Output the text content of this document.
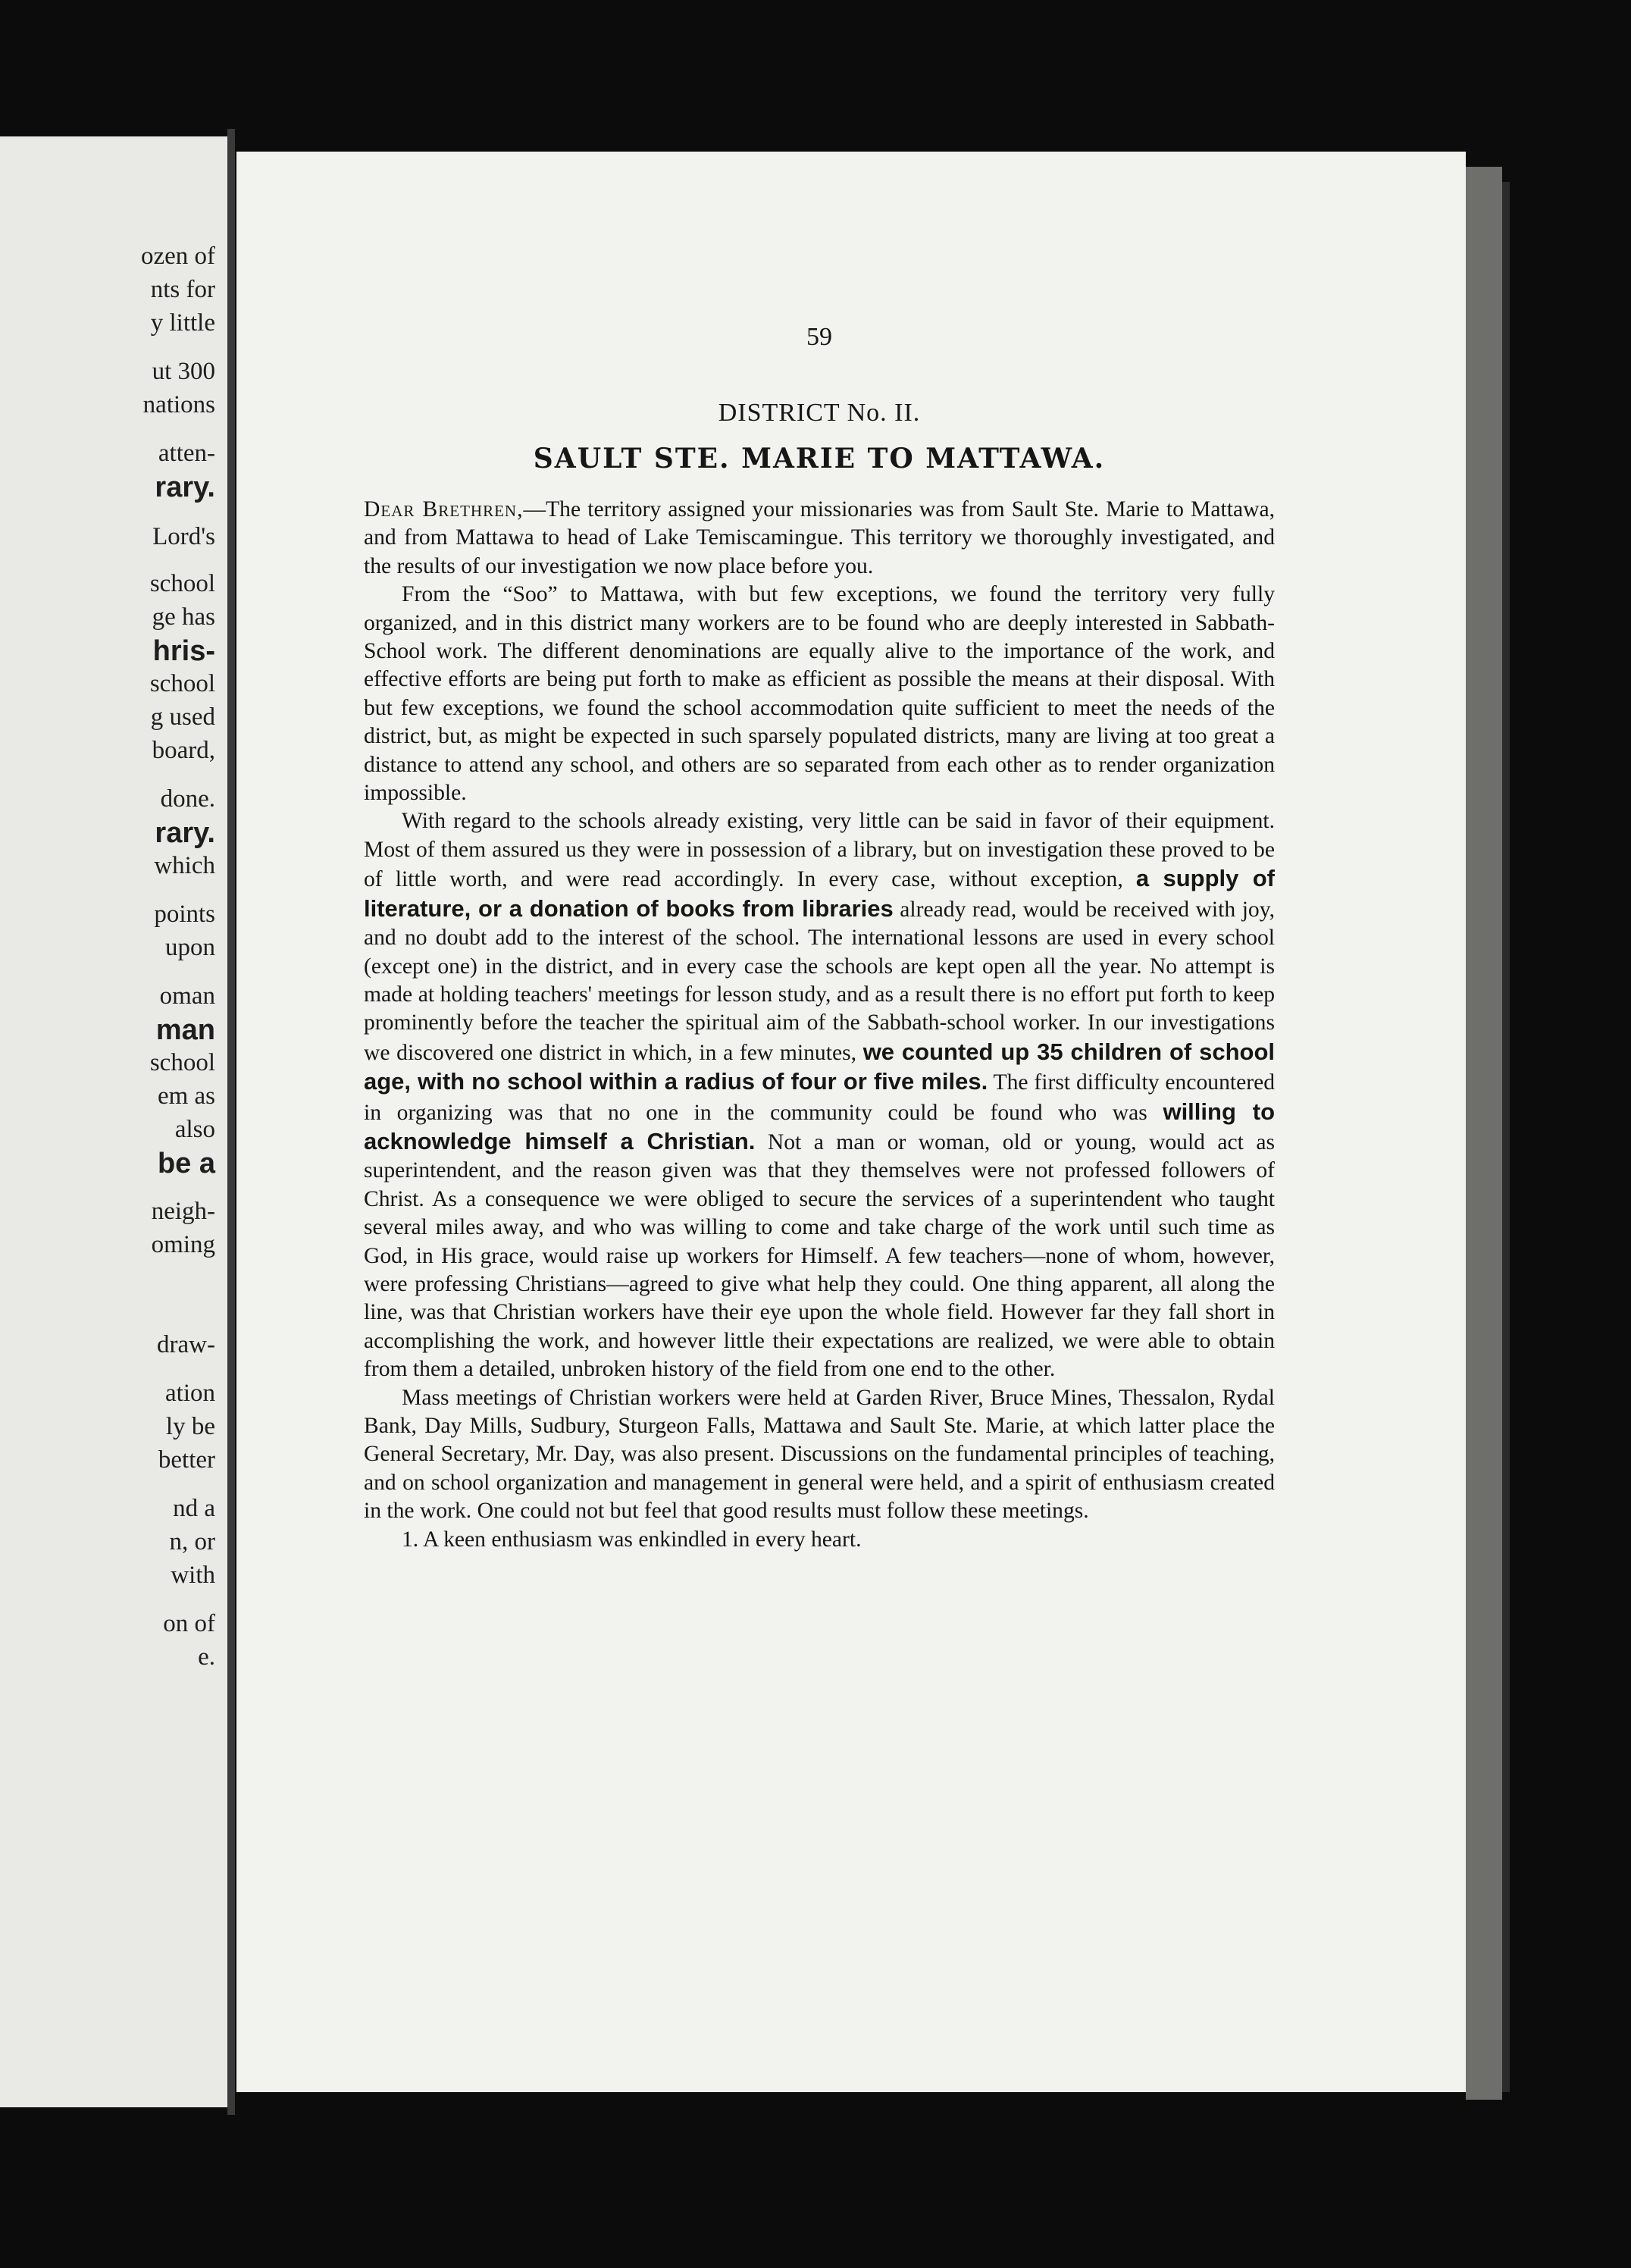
ozen of
nts for
y little
ut 300
nations
atten-
rary.
Lord's
school
ge has
hris-
school
g used
board,
done.
rary.
which
points
upon
oman
man
school
em as
also
be a
neigh-
oming
draw-
ation
ly be
better
nd a
n, or
with
on of
e.
59
DISTRICT No. II.
SAULT STE. MARIE TO MATTAWA.

Dear Brethren,—The territory assigned your missionaries was from Sault Ste. Marie to Mattawa, and from Mattawa to head of Lake Temiscamingue. This territory we thoroughly investigated, and the results of our investigation we now place before you.

From the “Soo” to Mattawa, with but few exceptions, we found the territory very fully organized, and in this district many workers are to be found who are deeply interested in Sabbath-School work. The different denominations are equally alive to the importance of the work, and effective efforts are being put forth to make as efficient as possible the means at their disposal. With but few exceptions, we found the school accommodation quite sufficient to meet the needs of the district, but, as might be expected in such sparsely populated districts, many are living at too great a distance to attend any school, and others are so separated from each other as to render organization impossible.

With regard to the schools already existing, very little can be said in favor of their equipment. Most of them assured us they were in possession of a library, but on investigation these proved to be of little worth, and were read accordingly. In every case, without exception, a supply of literature, or a donation of books from libraries already read, would be received with joy, and no doubt add to the interest of the school. The international lessons are used in every school (except one) in the district, and in every case the schools are kept open all the year. No attempt is made at holding teachers' meetings for lesson study, and as a result there is no effort put forth to keep prominently before the teacher the spiritual aim of the Sabbath-school worker. In our investigations we discovered one district in which, in a few minutes, we counted up 35 children of school age, with no school within a radius of four or five miles. The first difficulty encountered in organizing was that no one in the community could be found who was willing to acknowledge himself a Christian. Not a man or woman, old or young, would act as superintendent, and the reason given was that they themselves were not professed followers of Christ. As a consequence we were obliged to secure the services of a superintendent who taught several miles away, and who was willing to come and take charge of the work until such time as God, in His grace, would raise up workers for Himself. A few teachers—none of whom, however, were professing Christians—agreed to give what help they could. One thing apparent, all along the line, was that Christian workers have their eye upon the whole field. However far they fall short in accomplishing the work, and however little their expectations are realized, we were able to obtain from them a detailed, unbroken history of the field from one end to the other.

Mass meetings of Christian workers were held at Garden River, Bruce Mines, Thessalon, Rydal Bank, Day Mills, Sudbury, Sturgeon Falls, Mattawa and Sault Ste. Marie, at which latter place the General Secretary, Mr. Day, was also present. Discussions on the fundamental principles of teaching, and on school organization and management in general were held, and a spirit of enthusiasm created in the work. One could not but feel that good results must follow these meetings.

1. A keen enthusiasm was enkindled in every heart.
